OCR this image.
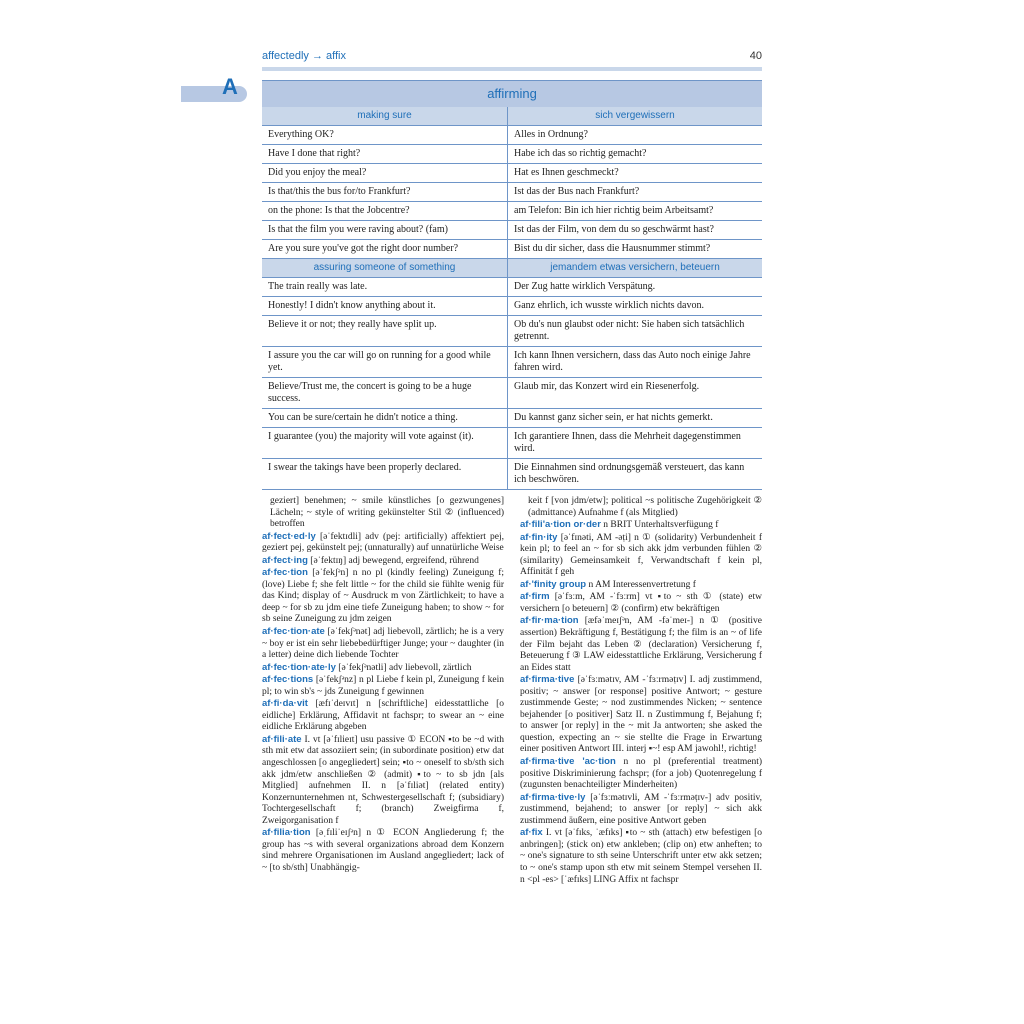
affectedly → affix	40
A	affirming
making sure	sich vergewissern
Everything OK?	Alles in Ordnung?
Have I done that right?	Habe ich das so richtig gemacht?
Did you enjoy the meal?	Hat es Ihnen geschmeckt?
Is that/this the bus for/to Frankfurt?	Ist das der Bus nach Frankfurt?
on the phone: Is that the Jobcentre?	am Telefon: Bin ich hier richtig beim Arbeitsamt?
Is that the film you were raving about? (fam)	Ist das der Film, von dem du so geschwärmt hast?
Are you sure you've got the right door number?	Bist du dir sicher, dass die Hausnummer stimmt?
assuring someone of something	jemandem etwas versichern, beteuern
The train really was late.	Der Zug hatte wirklich Verspätung.
Honestly! I didn't know anything about it.	Ganz ehrlich, ich wusste wirklich nichts davon.
Believe it or not; they really have split up.	Ob du's nun glaubst oder nicht: Sie haben sich tatsächlich getrennt.
I assure you the car will go on running for a good while yet.	Ich kann Ihnen versichern, dass das Auto noch einige Jahre fahren wird.
Believe/Trust me, the concert is going to be a huge success.	Glaub mir, das Konzert wird ein Riesenerfolg.
You can be sure/certain he didn't notice a thing.	Du kannst ganz sicher sein, er hat nichts gemerkt.
I guarantee (you) the majority will vote against (it).	Ich garantiere Ihnen, dass die Mehrheit dagegenstimmen wird.
I swear the takings have been properly declared.	Die Einnahmen sind ordnungsgemäß versteuert, das kann ich beschwören.

geziert] benehmen; ~ smile künstliches [o gezwungenes] Lächeln; ~ style of writing gekünstelter Stil ② (influenced) betroffen

af·fect·ed·ly [əˈfektɪdli] adv (pej: artificially) affektiert pej, geziert pej, gekünstelt pej; (unnaturally) auf unnatürliche Weise

af·fect·ing [əˈfektɪŋ] adj bewegend, ergreifend, rührend

af·fec·tion [əˈfekʃᵊn] n no pl (kindly feeling) Zuneigung f; (love) Liebe f; she felt little ~ for the child sie fühlte wenig für das Kind; display of ~ Ausdruck m von Zärtlichkeit; to have a deep ~ for sb zu jdm eine tiefe Zuneigung haben; to show ~ for sb seine Zuneigung zu jdm zeigen

af·fec·tion·ate [əˈfekʃᵊnət] adj liebevoll, zärtlich; he is a very ~ boy er ist ein sehr liebebedürftiger Junge; your ~ daughter (in a letter) deine dich liebende Tochter

af·fec·tion·ate·ly [əˈfekʃᵊnətli] adv liebevoll, zärtlich

af·fec·tions [əˈfekʃᵊnz] n pl Liebe f kein pl, Zuneigung f kein pl; to win sb's ~ jds Zuneigung f gewinnen

af·fi·da·vit [æfɪˈdeɪvɪt] n [schriftliche] eidesstattliche [o eidliche] Erklärung, Affidavit nt fachspr; to swear an ~ eine eidliche Erklärung abgeben

af·fili·ate I. vt [əˈfɪlieɪt] usu passive ① ECON ▪to be ~d with sth mit etw dat assoziiert sein; (in subordinate position) etw dat angeschlossen [o angegliedert] sein; ▪to ~ oneself to sb/sth sich akk jdm/etw anschließen ② (admit) ▪to ~ to sb jdn [als Mitglied] aufnehmen II. n [əˈfɪliət] (related entity) Konzernunternehmen nt, Schwestergesellschaft f; (subsidiary) Tochtergesellschaft f; (branch) Zweigfirma f, Zweigorganisation f

af·filia·tion [əˌfɪliˈeɪʃᵊn] n ① ECON Angliederung f; the group has ~s with several organizations abroad dem Konzern sind mehrere Organisationen im Ausland angegliedert; lack of ~ [to sb/sth] Unabhängig-

keit f [von jdm/etw]; political ~s politische Zugehörigkeit ② (admittance) Aufnahme f (als Mitglied)

af·fili'a·tion or·der n BRIT Unterhaltsverfügung f

af·fin·ity [əˈfɪnəti, AM -əṭi] n ① (solidarity) Verbundenheit f kein pl; to feel an ~ for sb sich akk jdm verbunden fühlen ② (similarity) Gemeinsamkeit f, Verwandtschaft f kein pl, Affinität f geh

af·'finity group n AM Interessenvertretung f

af·firm [əˈfɜːm, AM -ˈfɜːrm] vt ▪to ~ sth ① (state) etw versichern [o beteuern] ② (confirm) etw bekräftigen

af·fir·ma·tion [æfəˈmeɪʃᵊn, AM -fəˈmeɪ-] n ① (positive assertion) Bekräftigung f, Bestätigung f; the film is an ~ of life der Film bejaht das Leben ② (declaration) Versicherung f, Beteuerung f ③ LAW eidesstattliche Erklärung, Versicherung f an Eides statt

af·firma·tive [əˈfɜːmətɪv, AM -ˈfɜːrməṭɪv] I. adj zustimmend, positiv; ~ answer [or response] positive Antwort; ~ gesture zustimmende Geste; ~ nod zustimmendes Nicken; ~ sentence bejahender [o positiver] Satz II. n Zustimmung f, Bejahung f; to answer [or reply] in the ~ mit Ja antworten; she asked the question, expecting an ~ sie stellte die Frage in Erwartung einer positiven Antwort III. interj ▪~! esp AM jawohl!, richtig!

af·firma·tive 'ac·tion n no pl (preferential treatment) positive Diskriminierung fachspr; (for a job) Quotenregelung f (zugunsten benachteiligter Minderheiten)

af·firma·tive·ly [əˈfɜːmətɪvli, AM -ˈfɜːrməṭɪv-] adv positiv, zustimmend, bejahend; to answer [or reply] ~ sich akk zustimmend äußern, eine positive Antwort geben

af·fix I. vt [əˈfɪks, ˈæfɪks] ▪to ~ sth (attach) etw befestigen [o anbringen]; (stick on) etw ankleben; (clip on) etw anheften; to ~ one's signature to sth seine Unterschrift unter etw akk setzen; to ~ one's stamp upon sth etw mit seinem Stempel versehen II. n <pl -es> [ˈæfɪks] LING Affix nt fachspr
